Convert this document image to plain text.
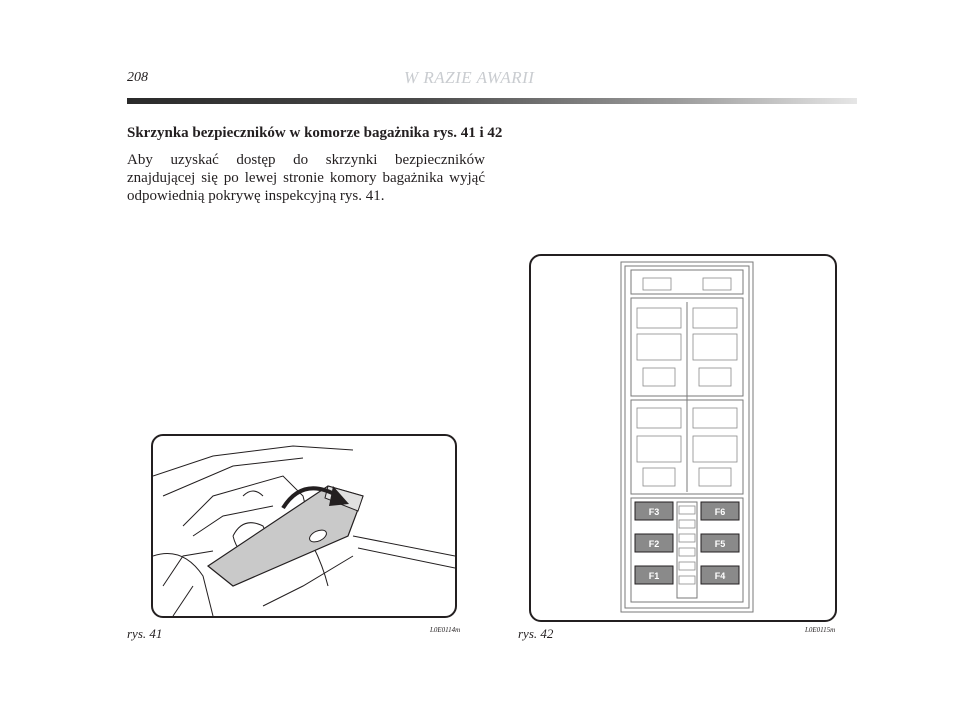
208	W RAZIE AWARII
Skrzynka bezpieczników w komorze bagażnika rys. 41 i 42
Aby uzyskać dostęp do skrzynki bezpieczników znajdującej się po lewej stronie komory bagażnika wyjąć odpowiednią pokrywę inspekcyjną rys. 41.
rys. 41	L0E0114m
F3	F6
F2	F5
F1	F4
rys. 42	L0E0115m
